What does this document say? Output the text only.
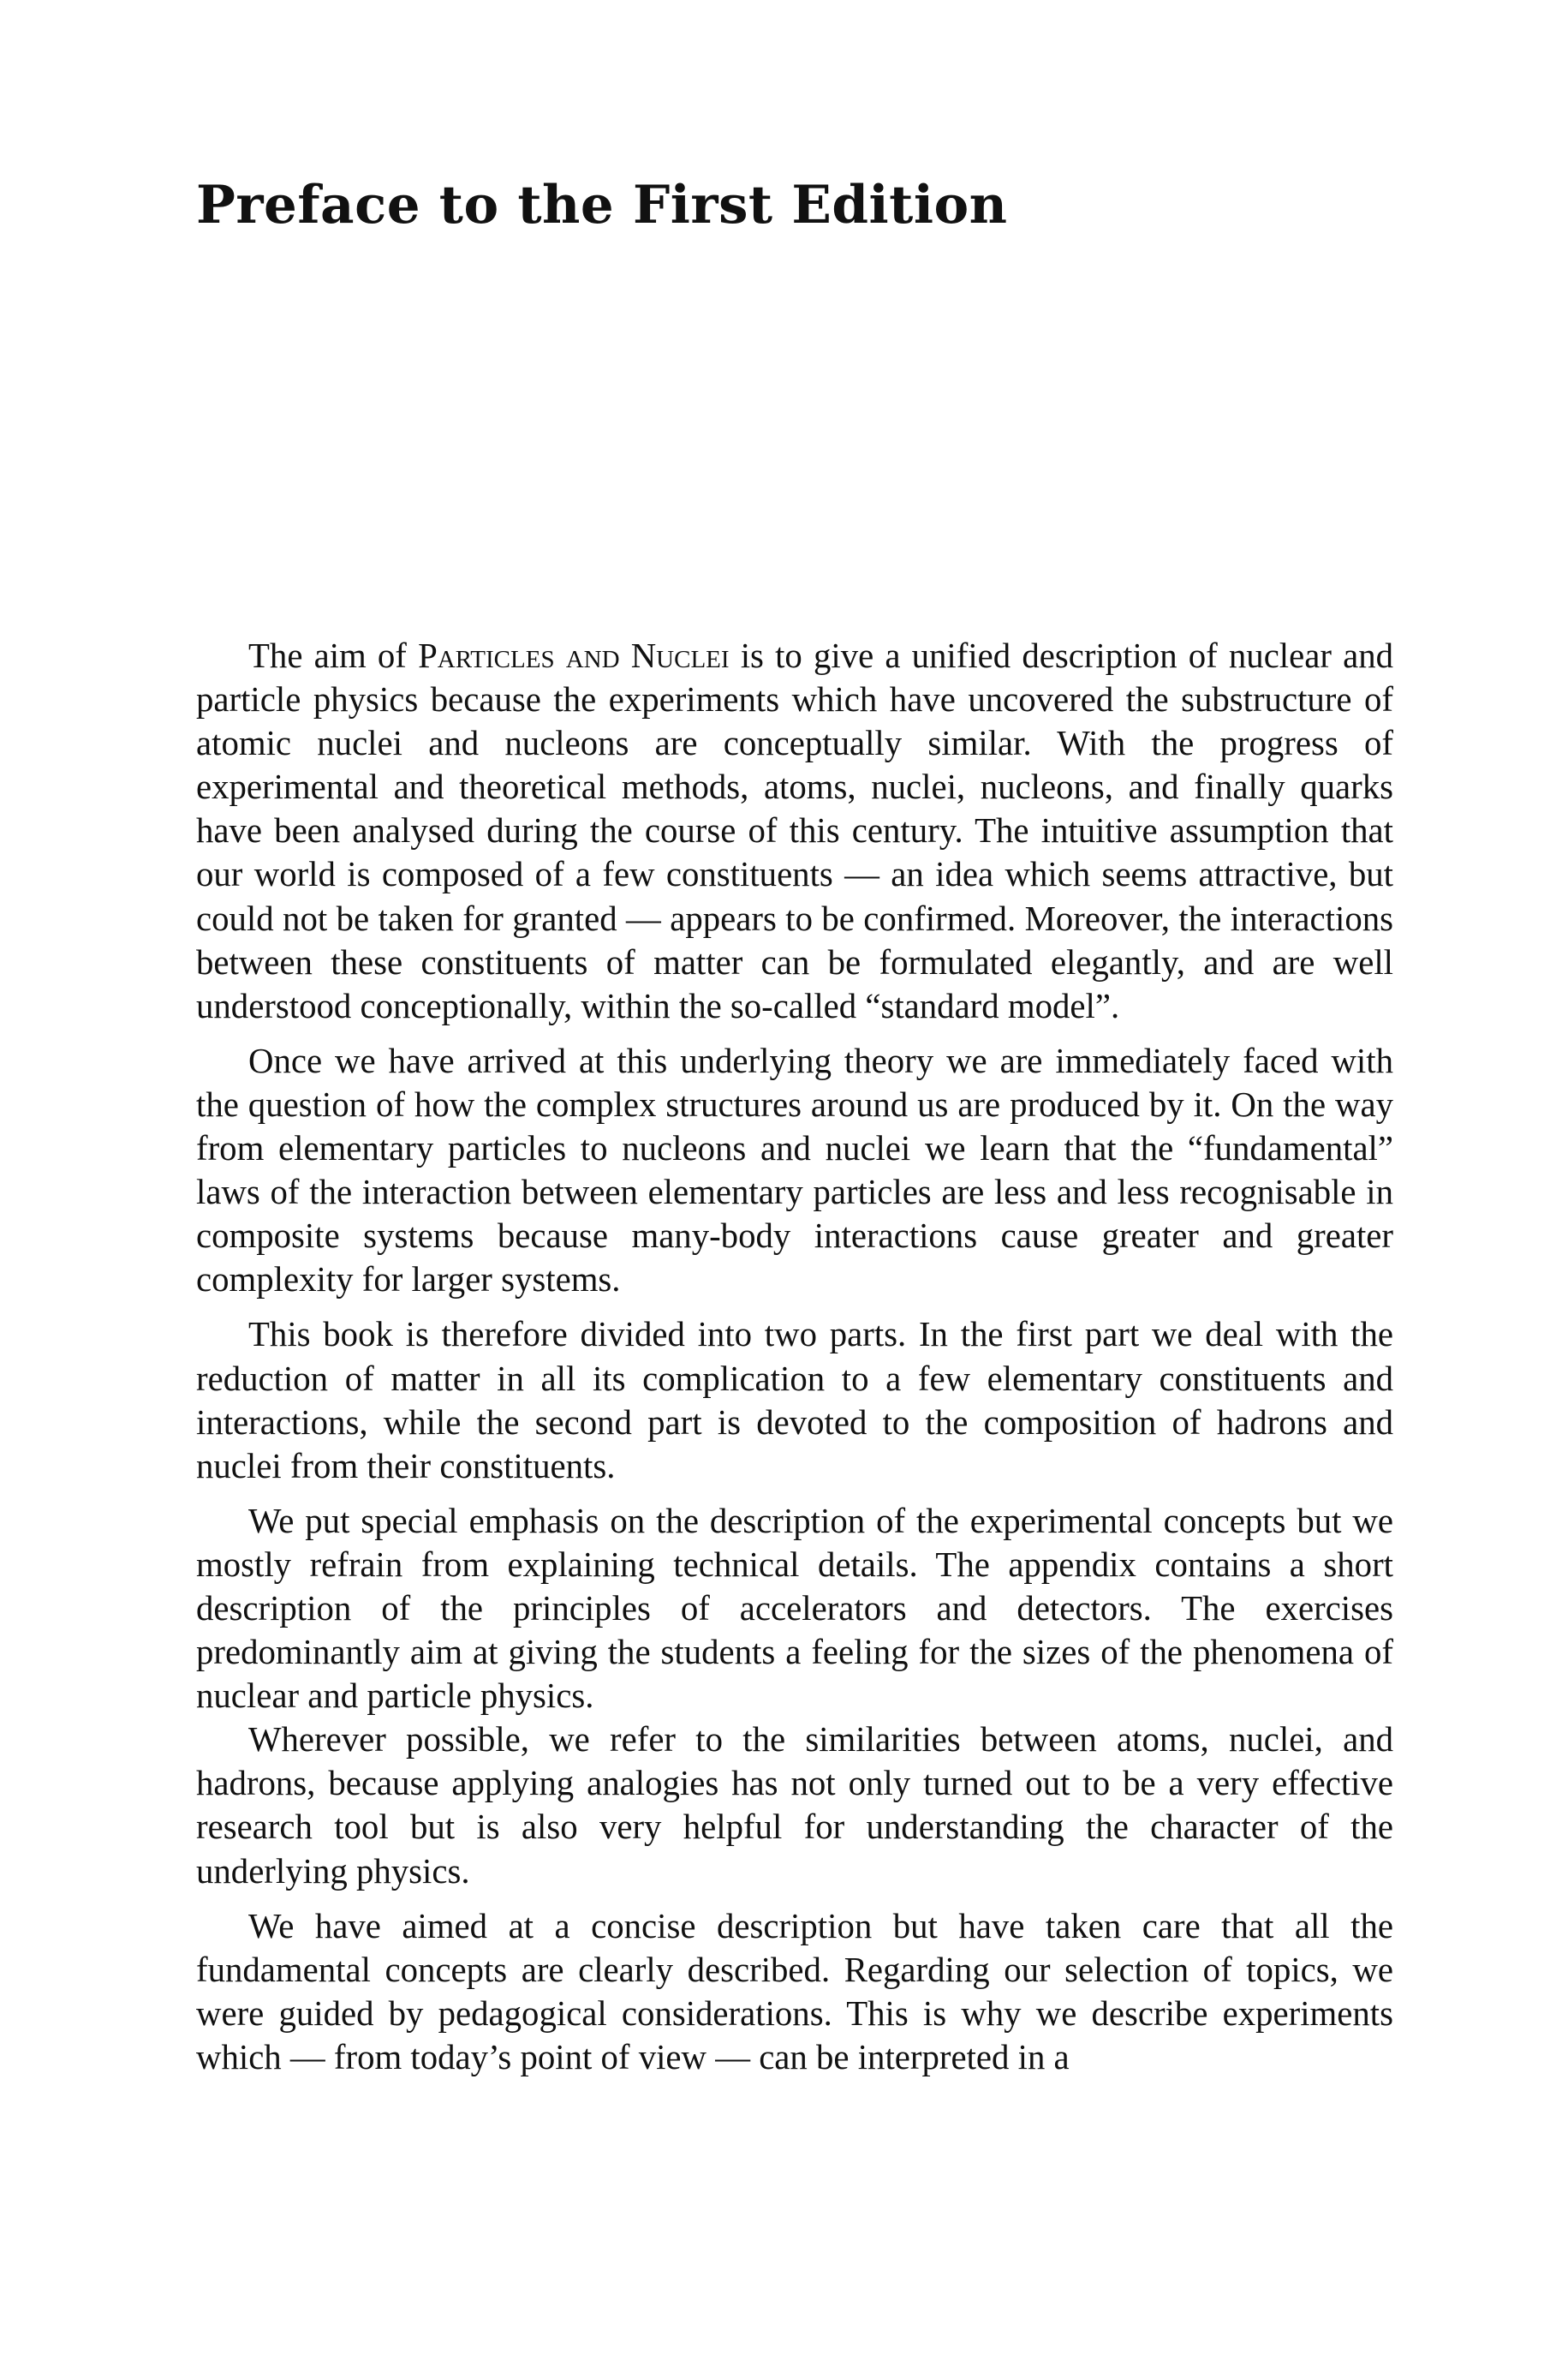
Preface to the First Edition

The aim of Particles and Nuclei is to give a unified description of nuclear and particle physics because the experiments which have uncovered the substructure of atomic nuclei and nucleons are conceptually similar. With the progress of experimental and theoretical methods, atoms, nuclei, nucleons, and finally quarks have been analysed during the course of this century. The intuitive assumption that our world is composed of a few constituents — an idea which seems attractive, but could not be taken for granted — appears to be confirmed. Moreover, the interactions between these constituents of matter can be formulated elegantly, and are well understood conceptionally, within the so-called “standard model”.

Once we have arrived at this underlying theory we are immediately faced with the question of how the complex structures around us are produced by it. On the way from elementary particles to nucleons and nuclei we learn that the “fundamental” laws of the interaction between elementary particles are less and less recognisable in composite systems because many-body interactions cause greater and greater complexity for larger systems.

This book is therefore divided into two parts. In the first part we deal with the reduction of matter in all its complication to a few elementary constituents and interactions, while the second part is devoted to the composition of hadrons and nuclei from their constituents.

We put special emphasis on the description of the experimental concepts but we mostly refrain from explaining technical details. The appendix contains a short description of the principles of accelerators and detectors. The exercises predominantly aim at giving the students a feeling for the sizes of the phenomena of nuclear and particle physics.

Wherever possible, we refer to the similarities between atoms, nuclei, and hadrons, because applying analogies has not only turned out to be a very effective research tool but is also very helpful for understanding the character of the underlying physics.

We have aimed at a concise description but have taken care that all the fundamental concepts are clearly described. Regarding our selection of topics, we were guided by pedagogical considerations. This is why we describe experiments which — from today’s point of view — can be interpreted in a
